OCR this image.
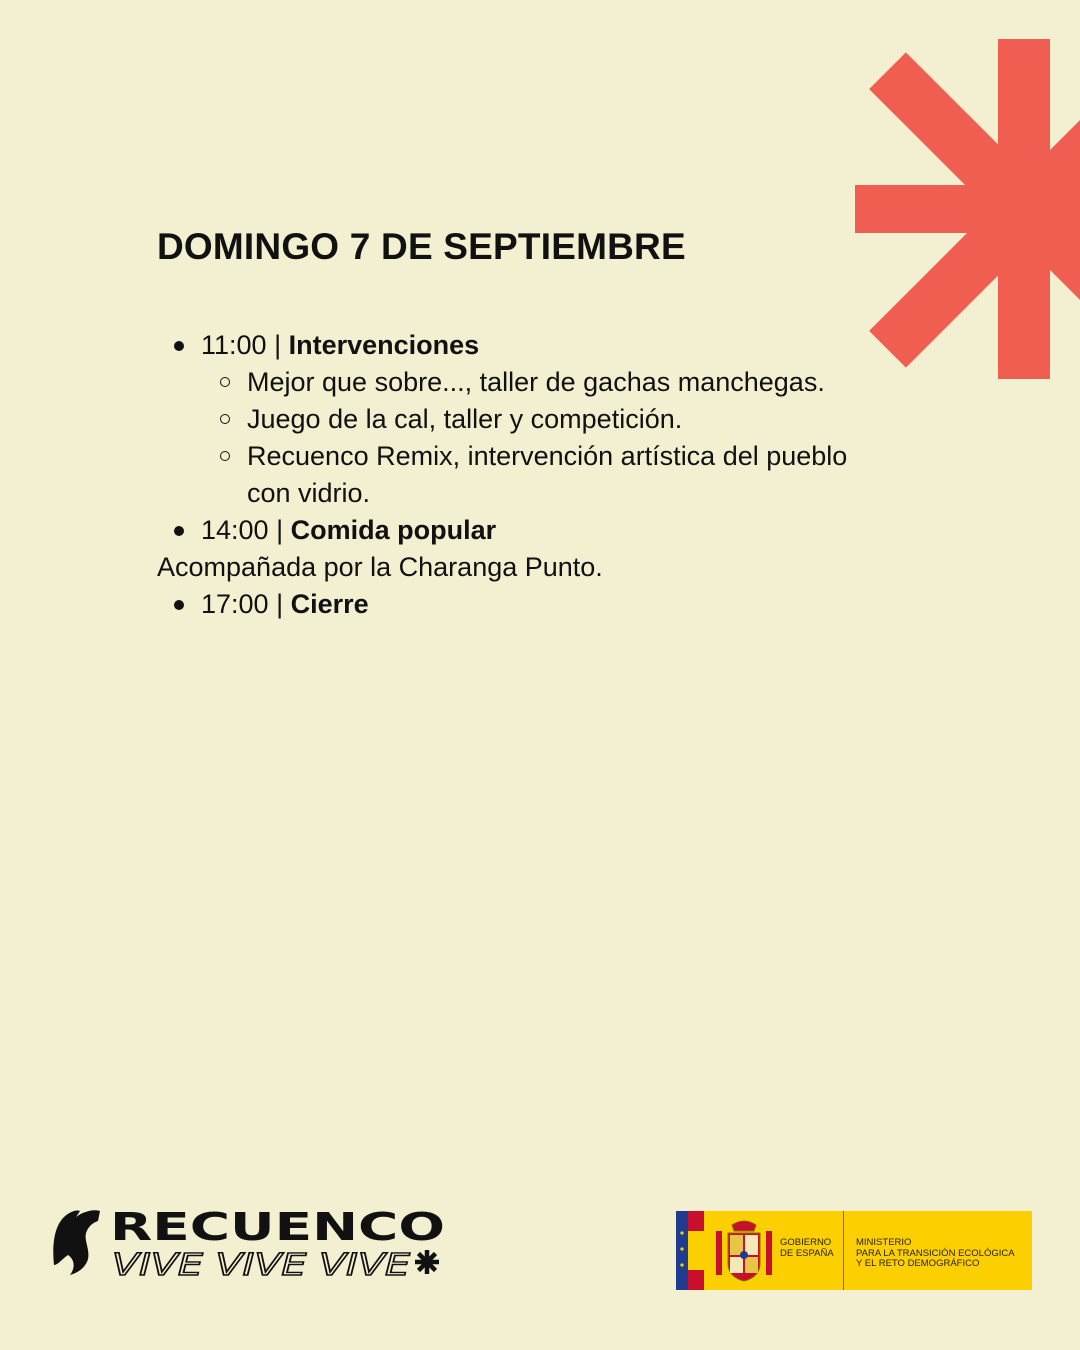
DOMINGO 7 DE SEPTIEMBRE
11:00 | Intervenciones
Mejor que sobre..., taller de gachas manchegas.
Juego de la cal, taller y competición.
Recuenco Remix, intervención artística del pueblo
con vidrio.
14:00 | Comida popular
Acompañada por la Charanga Punto.
17:00 | Cierre
RECUENCO
VIVE VIVE VIVE
GOBIERNO
DE ESPAÑA
MINISTERIO
PARA LA TRANSICIÓN ECOLÓGICA
Y EL RETO DEMOGRÁFICO
